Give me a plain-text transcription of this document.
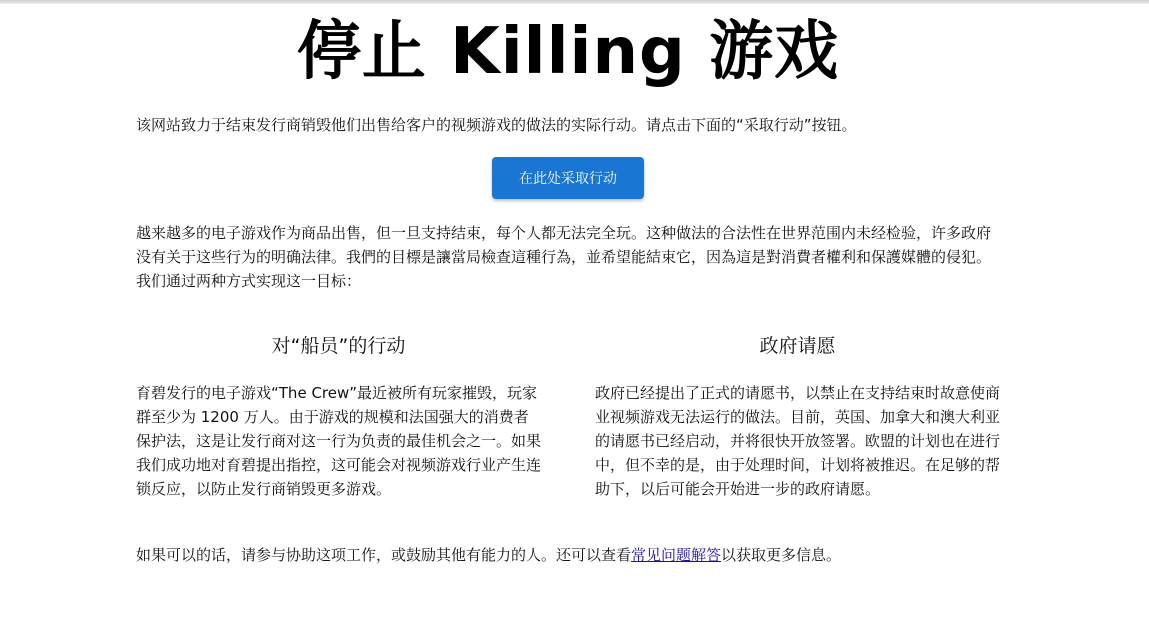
停止 Killing 游戏

该网站致力于结束发行商销毁他们出售给客户的视频游戏的做法的实际行动。请点击下面的“采取行动”按钮。

在此处采取行动

越来越多的电子游戏作为商品出售，但一旦支持结束，每个人都无法完全玩。这种做法的合法性在世界范围内未经检验，许多政府没有关于这些行为的明确法律。我們的目標是讓當局檢查這種行為，並希望能結束它，因為這是對消費者權利和保護媒體的侵犯。我们通过两种方式实现这一目标：

对“船员”的行动

育碧发行的电子游戏“The Crew”最近被所有玩家摧毁，玩家群至少为 1200 万人。由于游戏的规模和法国强大的消费者保护法，这是让发行商对这一行为负责的最佳机会之一。如果我们成功地对育碧提出指控，这可能会对视频游戏行业产生连锁反应，以防止发行商销毁更多游戏。

政府请愿

政府已经提出了正式的请愿书，以禁止在支持结束时故意使商业视频游戏无法运行的做法。目前，英国、加拿大和澳大利亚的请愿书已经启动，并将很快开放签署。欧盟的计划也在进行中，但不幸的是，由于处理时间，计划将被推迟。在足够的帮助下，以后可能会开始进一步的政府请愿。

如果可以的话，请参与协助这项工作，或鼓励其他有能力的人。还可以查看常见问题解答以获取更多信息。
